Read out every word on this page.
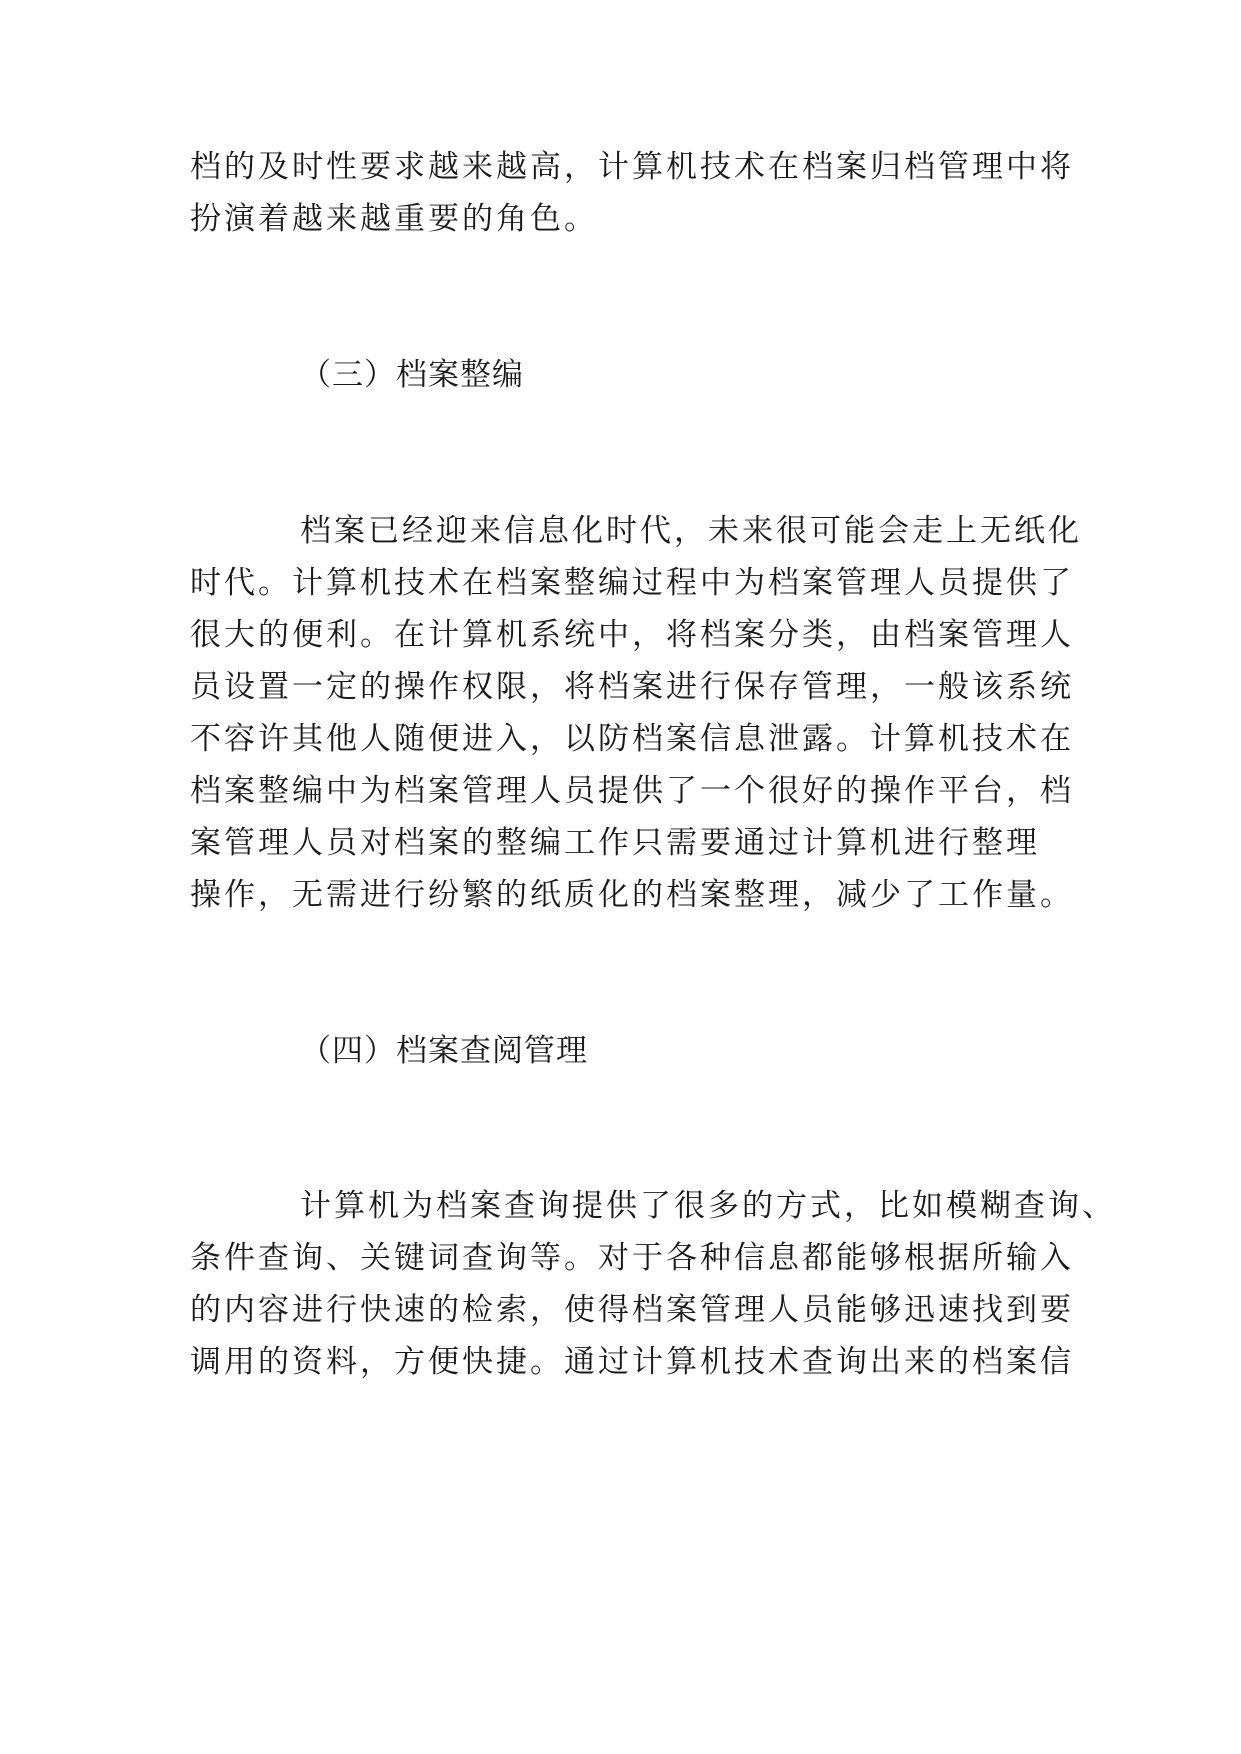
档的及时性要求越来越高，计算机技术在档案归档管理中将

扮演着越来越重要的角色。

（三）档案整编

档案已经迎来信息化时代，未来很可能会走上无纸化

时代。计算机技术在档案整编过程中为档案管理人员提供了

很大的便利。在计算机系统中，将档案分类，由档案管理人

员设置一定的操作权限，将档案进行保存管理，一般该系统

不容许其他人随便进入，以防档案信息泄露。计算机技术在

档案整编中为档案管理人员提供了一个很好的操作平台，档

案管理人员对档案的整编工作只需要通过计算机进行整理

操作，无需进行纷繁的纸质化的档案整理，减少了工作量。

（四）档案查阅管理

计算机为档案查询提供了很多的方式，比如模糊查询、

条件查询、关键词查询等。对于各种信息都能够根据所输入

的内容进行快速的检索，使得档案管理人员能够迅速找到要

调用的资料，方便快捷。通过计算机技术查询出来的档案信
